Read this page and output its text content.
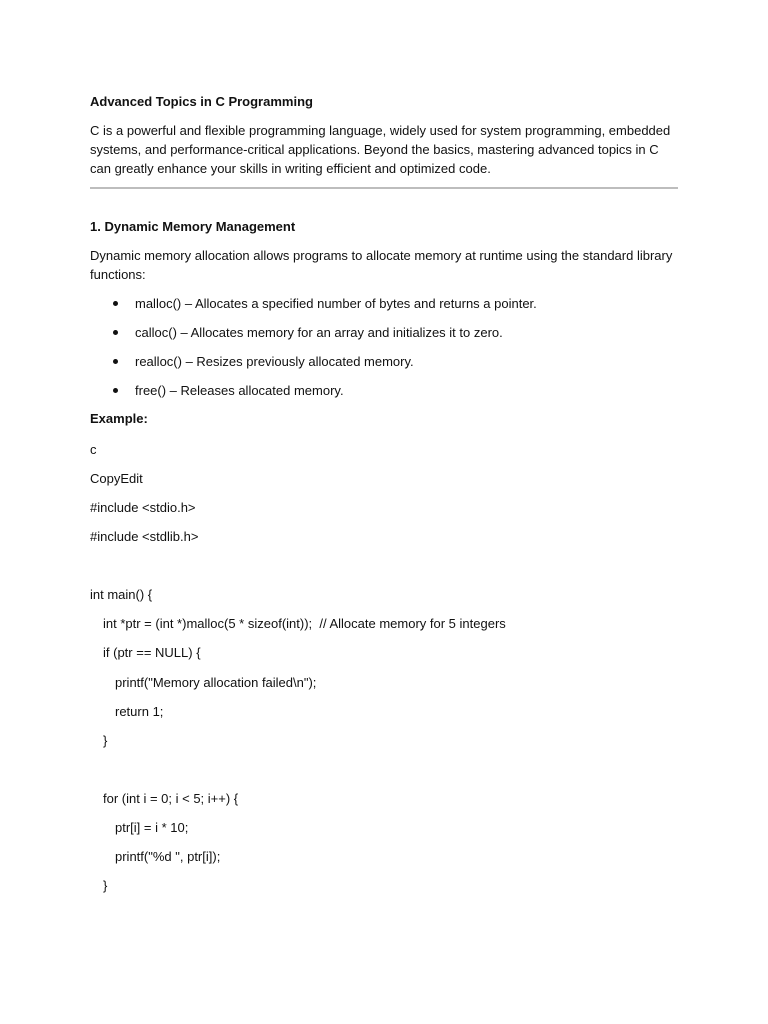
Advanced Topics in C Programming
C is a powerful and flexible programming language, widely used for system programming, embedded systems, and performance-critical applications. Beyond the basics, mastering advanced topics in C can greatly enhance your skills in writing efficient and optimized code.
1. Dynamic Memory Management
Dynamic memory allocation allows programs to allocate memory at runtime using the standard library functions:
malloc() – Allocates a specified number of bytes and returns a pointer.
calloc() – Allocates memory for an array and initializes it to zero.
realloc() – Resizes previously allocated memory.
free() – Releases allocated memory.
Example:
c
CopyEdit
#include <stdio.h>
#include <stdlib.h>
int main() {
int *ptr = (int *)malloc(5 * sizeof(int));  // Allocate memory for 5 integers
if (ptr == NULL) {
printf("Memory allocation failed\n");
return 1;
}
for (int i = 0; i < 5; i++) {
ptr[i] = i * 10;
printf("%d ", ptr[i]);
}
